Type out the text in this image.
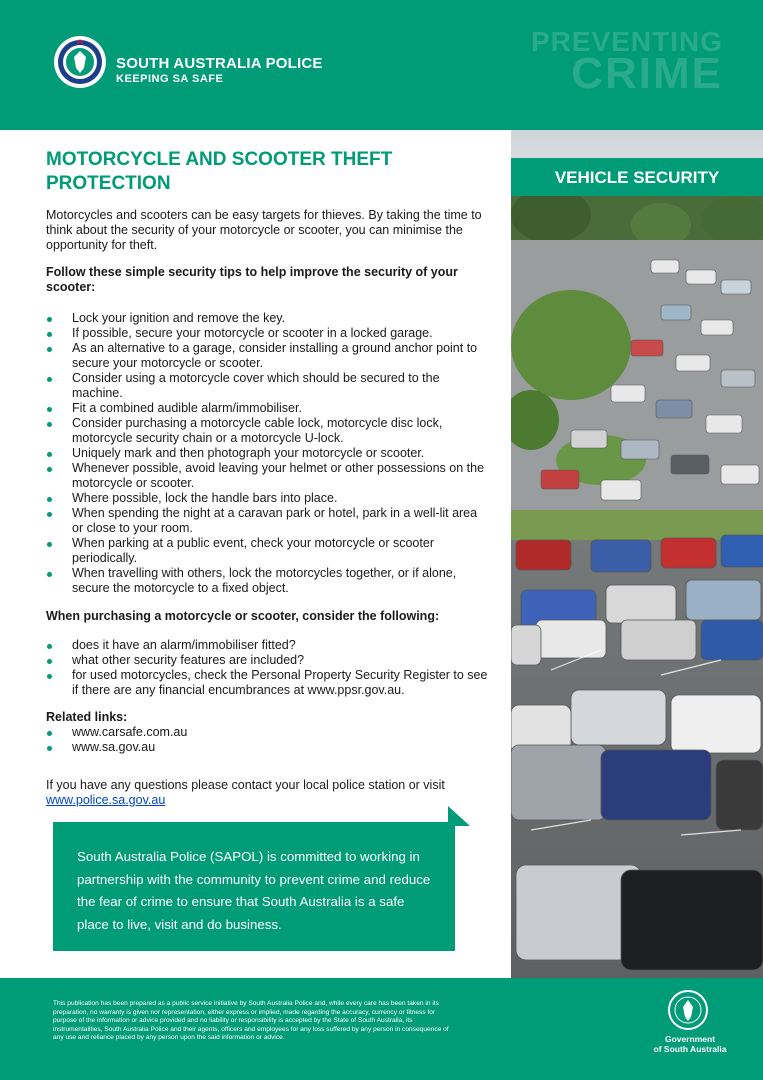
SOUTH AUSTRALIA POLICE
KEEPING SA SAFE
PREVENTING
CRIME
VEHICLE SECURITY
MOTORCYCLE AND SCOOTER THEFT PROTECTION

Motorcycles and scooters can be easy targets for thieves. By taking the time to think about the security of your motorcycle or scooter, you can minimise the opportunity for theft.

Follow these simple security tips to help improve the security of your scooter:

Lock your ignition and remove the key.
If possible, secure your motorcycle or scooter in a locked garage.
As an alternative to a garage, consider installing a ground anchor point to secure your motorcycle or scooter.
Consider using a motorcycle cover which should be secured to the machine.
Fit a combined audible alarm/immobiliser.
Consider purchasing a motorcycle cable lock, motorcycle disc lock, motorcycle security chain or a motorcycle U-lock.
Uniquely mark and then photograph your motorcycle or scooter.
Whenever possible, avoid leaving your helmet or other possessions on the motorcycle or scooter.
Where possible, lock the handle bars into place.
When spending the night at a caravan park or hotel, park in a well-lit area or close to your room.
When parking at a public event, check your motorcycle or scooter periodically.
When travelling with others, lock the motorcycles together, or if alone, secure the motorcycle to a fixed object.

When purchasing a motorcycle or scooter, consider the following:

does it have an alarm/immobiliser fitted?
what other security features are included?
for used motorcycles, check the Personal Property Security Register to see if there are any financial encumbrances at www.ppsr.gov.au.

Related links:

www.carsafe.com.au
www.sa.gov.au

If you have any questions please contact your local police station or visit
www.police.sa.gov.au

South Australia Police (SAPOL) is committed to working in partnership with the community to prevent crime and reduce the fear of crime to ensure that South Australia is a safe place to live, visit and do business.
This publication has been prepared as a public service initiative by South Australia Police and, while every care has been taken in its preparation, no warranty is given nor representation, either express or implied, made regarding the accuracy, currency or fitness for purpose of the information or advice provided and no liability or responsibility is accepted by the State of South Australia, its instrumentalities, South Australia Police and their agents, officers and employees for any loss suffered by any person in consequence of any use and reliance placed by any person upon the said information or advice.	Government
of South Australia
